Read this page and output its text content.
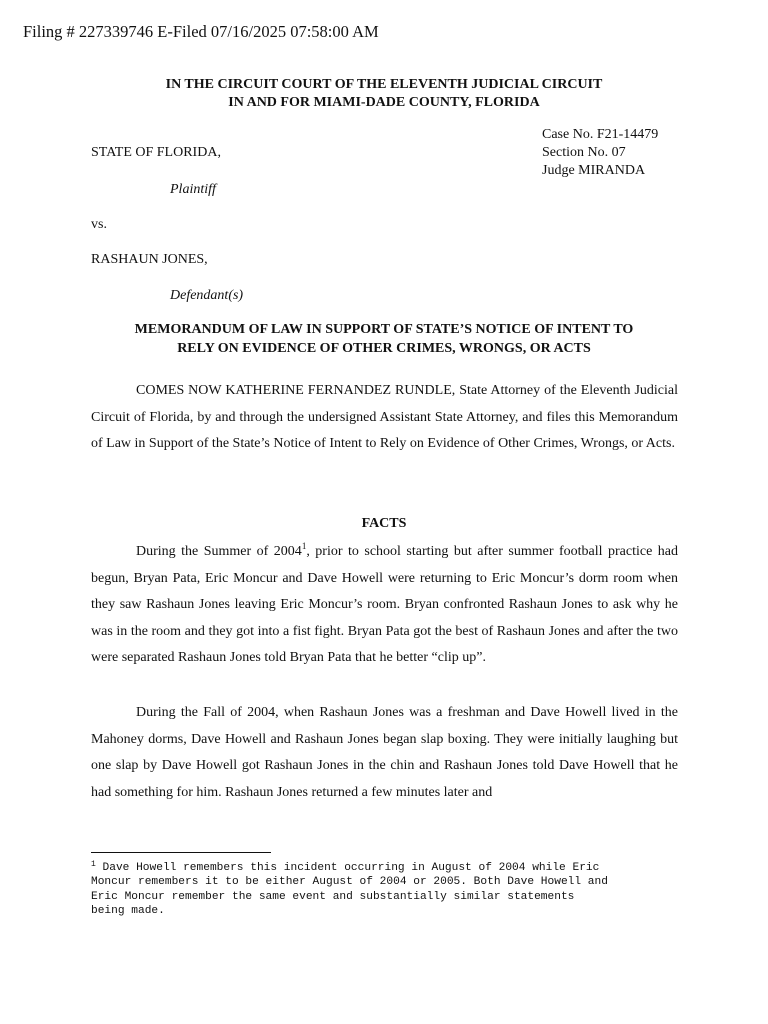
Filing # 227339746 E-Filed 07/16/2025 07:58:00 AM
IN THE CIRCUIT COURT OF THE ELEVENTH JUDICIAL CIRCUIT
IN AND FOR MIAMI-DADE COUNTY, FLORIDA
Case No. F21-14479
Section No. 07
Judge MIRANDA
STATE OF FLORIDA,
Plaintiff
vs.
RASHAUN JONES,
Defendant(s)
MEMORANDUM OF LAW IN SUPPORT OF STATE’S NOTICE OF INTENT TO
RELY ON EVIDENCE OF OTHER CRIMES, WRONGS, OR ACTS

COMES NOW KATHERINE FERNANDEZ RUNDLE, State Attorney of the Eleventh Judicial Circuit of Florida, by and through the undersigned Assistant State Attorney, and files this Memorandum of Law in Support of the State’s Notice of Intent to Rely on Evidence of Other Crimes, Wrongs, or Acts.

FACTS

During the Summer of 2004$^1$, prior to school starting but after summer football practice had begun, Bryan Pata, Eric Moncur and Dave Howell were returning to Eric Moncur’s dorm room when they saw Rashaun Jones leaving Eric Moncur’s room. Bryan confronted Rashaun Jones to ask why he was in the room and they got into a fist fight. Bryan Pata got the best of Rashaun Jones and after the two were separated Rashaun Jones told Bryan Pata that he better “clip up”.

During the Fall of 2004, when Rashaun Jones was a freshman and Dave Howell lived in the Mahoney dorms, Dave Howell and Rashaun Jones began slap boxing. They were initially laughing but one slap by Dave Howell got Rashaun Jones in the chin and Rashaun Jones told Dave Howell that he had something for him. Rashaun Jones returned a few minutes later and

$^1$ Dave Howell remembers this incident occurring in August of 2004 while Eric
Moncur remembers it to be either August of 2004 or 2005. Both Dave Howell and
Eric Moncur remember the same event and substantially similar statements
being made.
